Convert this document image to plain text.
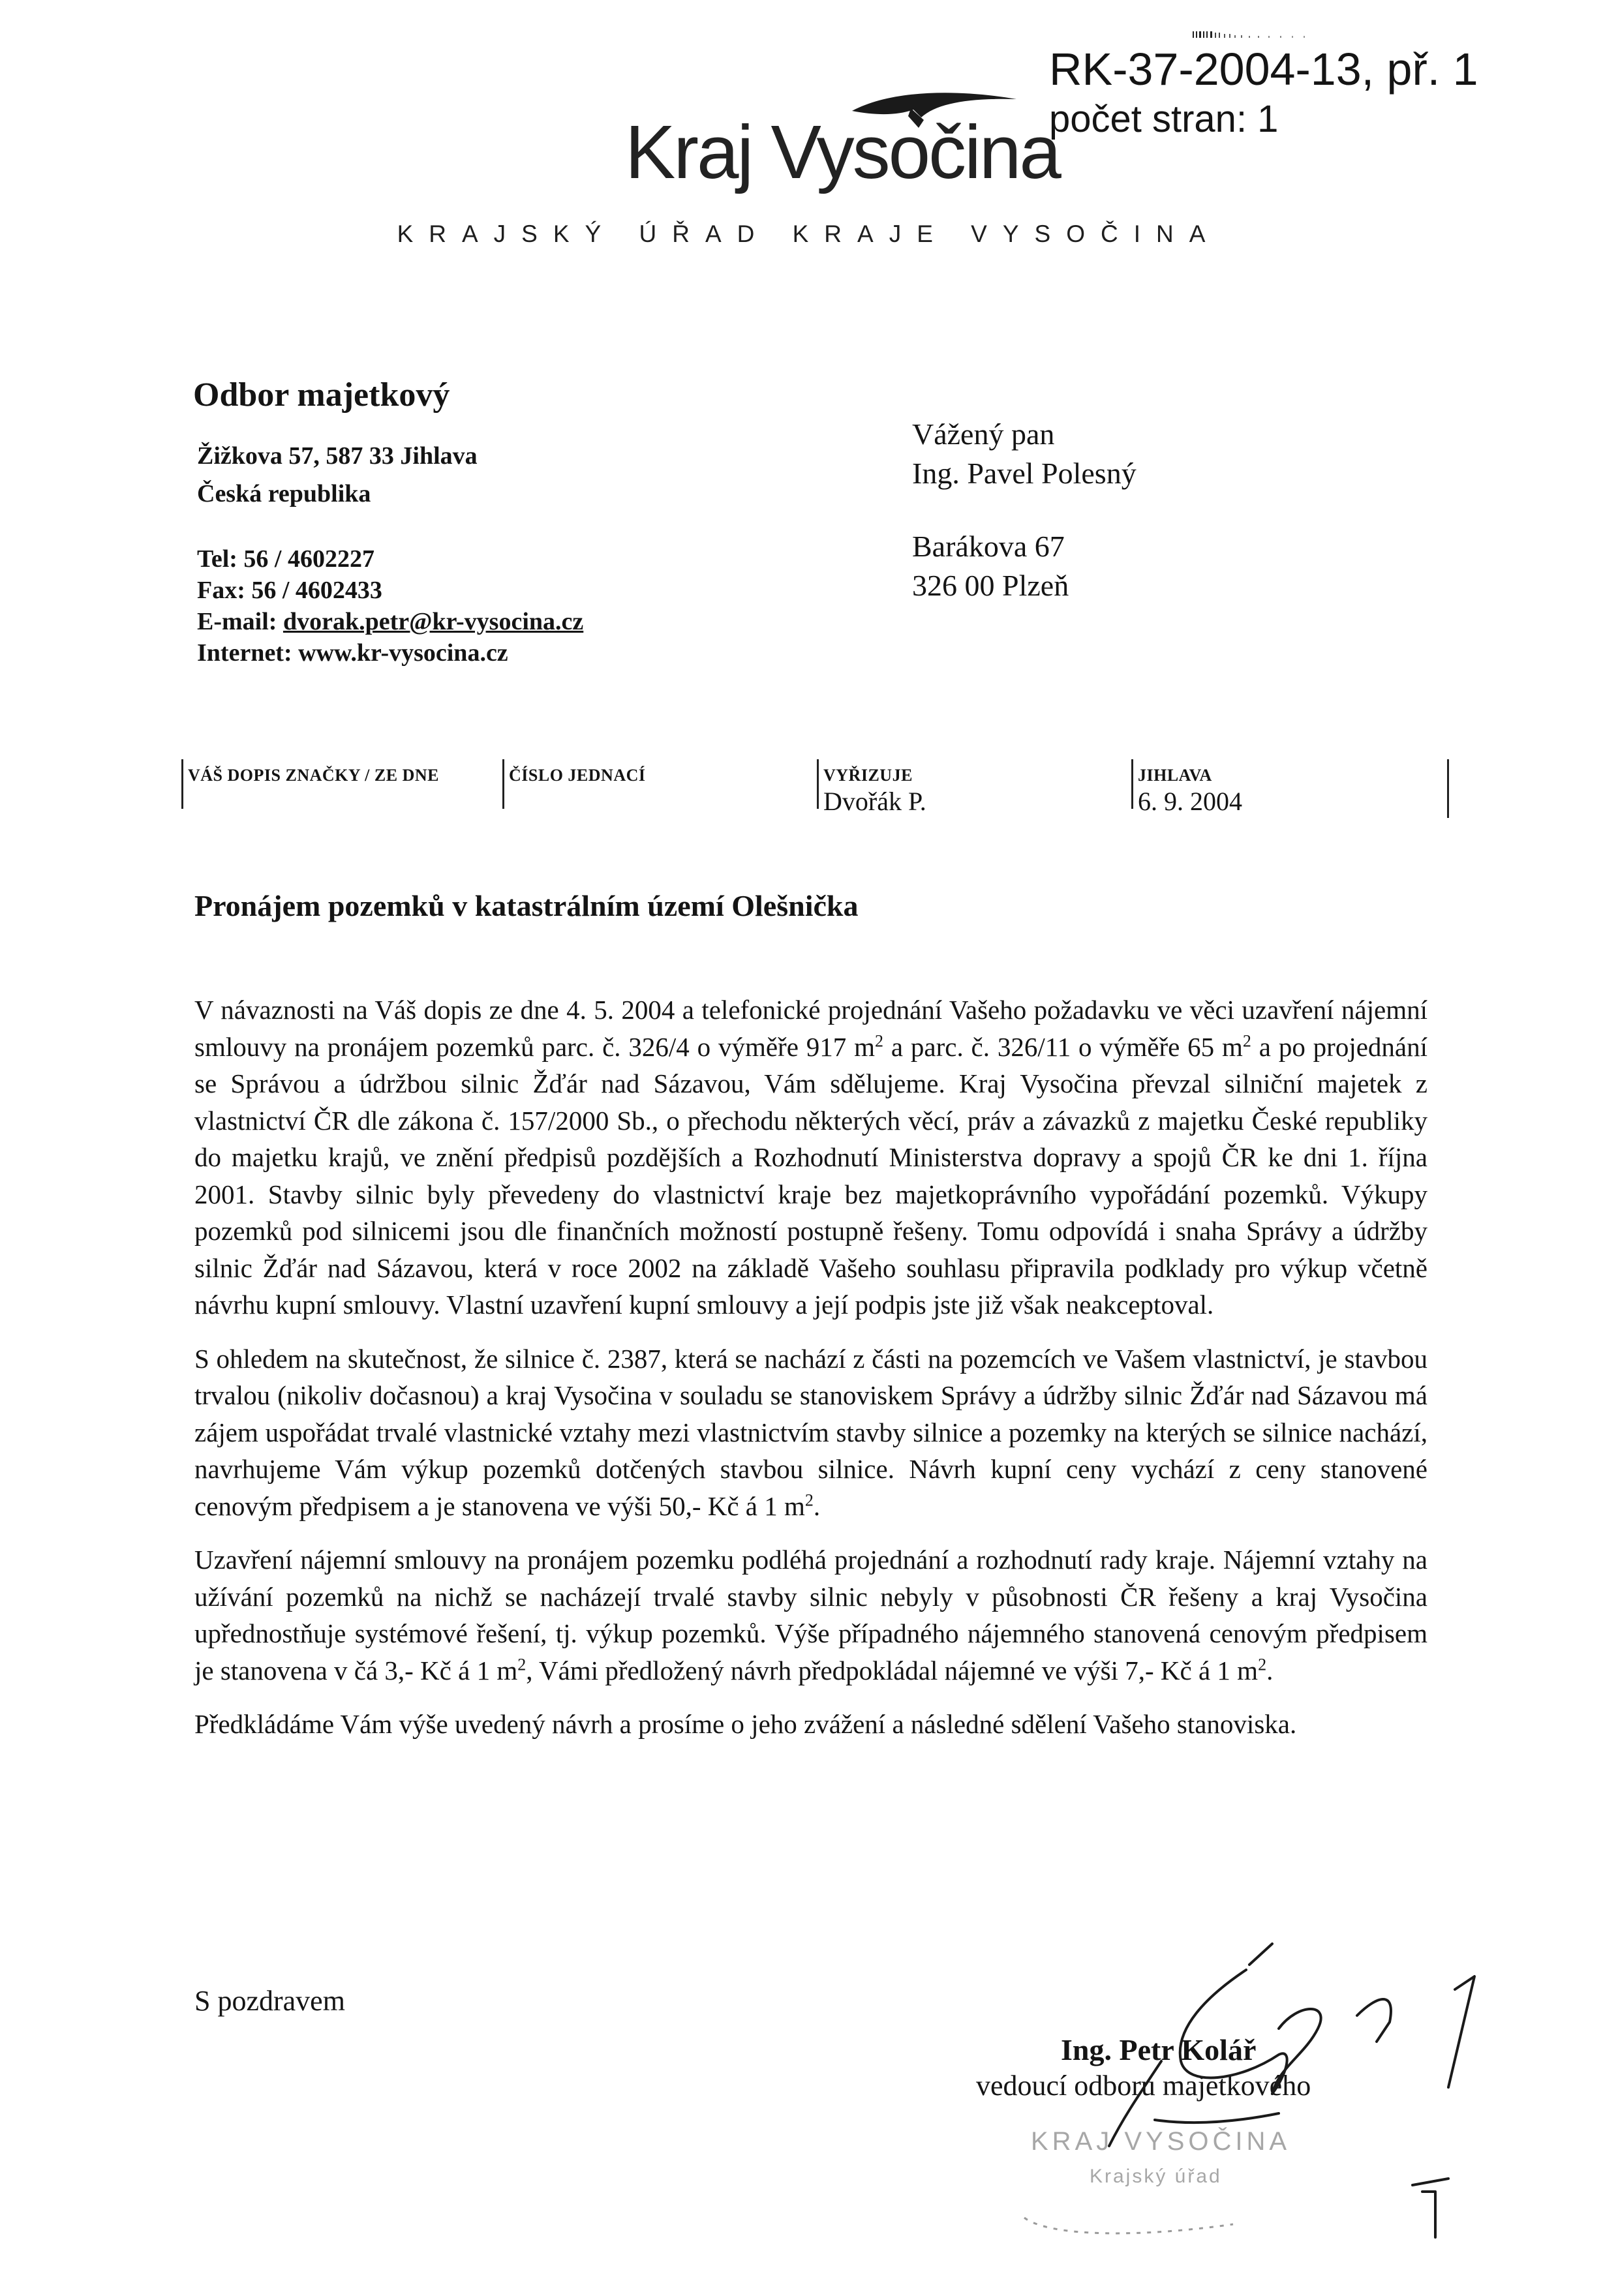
RK-37-2004-13, př. 1
počet stran: 1
Kraj Vysočina
KRAJSKÝ ÚŘAD KRAJE VYSOČINA
Odbor majetkový
Žižkova 57, 587 33 Jihlava
Česká republika
Tel: 56 / 4602227
Fax: 56 / 4602433
E-mail: dvorak.petr@kr-vysocina.cz
Internet: www.kr-vysocina.cz
Vážený pan
Ing. Pavel Polesný
Barákova 67
326 00 Plzeň
VÁŠ DOPIS ZNAČKY / ZE DNE	ČÍSLO JEDNACÍ	VYŘIZUJE
Dvořák P.
JIHLAVA
6. 9. 2004
Pronájem pozemků v katastrálním území Olešnička

V návaznosti na Váš dopis ze dne 4. 5. 2004 a telefonické projednání Vašeho požadavku ve věci uzavření nájemní smlouvy na pronájem pozemků parc. č. 326/4 o výměře 917 $m^2$ a parc. č. 326/11 o výměře 65 $m^2$ a po projednání se Správou a údržbou silnic Žďár nad Sázavou, Vám sdělujeme. Kraj Vysočina převzal silniční majetek z vlastnictví ČR dle zákona č. 157/2000 Sb., o přechodu některých věcí, práv a závazků z majetku České republiky do majetku krajů, ve znění předpisů pozdějších a Rozhodnutí Ministerstva dopravy a spojů ČR ke dni 1. října 2001. Stavby silnic byly převedeny do vlastnictví kraje bez majetkoprávního vypořádání pozemků. Výkupy pozemků pod silnicemi jsou dle finančních možností postupně řešeny. Tomu odpovídá i snaha Správy a údržby silnic Žďár nad Sázavou, která v roce 2002 na základě Vašeho souhlasu připravila podklady pro výkup včetně návrhu kupní smlouvy. Vlastní uzavření kupní smlouvy a její podpis jste již však neakceptoval.

S ohledem na skutečnost, že silnice č. 2387, která se nachází z části na pozemcích ve Vašem vlastnictví, je stavbou trvalou (nikoliv dočasnou) a kraj Vysočina v souladu se stanoviskem Správy a údržby silnic Žďár nad Sázavou má zájem uspořádat trvalé vlastnické vztahy mezi vlastnictvím stavby silnice a pozemky na kterých se silnice nachází, navrhujeme Vám výkup pozemků dotčených stavbou silnice. Návrh kupní ceny vychází z ceny stanovené cenovým předpisem a je stanovena ve výši 50,- Kč á 1 $m^2$.

Uzavření nájemní smlouvy na pronájem pozemku podléhá projednání a rozhodnutí rady kraje. Nájemní vztahy na užívání pozemků na nichž se nacházejí trvalé stavby silnic nebyly v působnosti ČR řešeny a kraj Vysočina upřednostňuje systémové řešení, tj. výkup pozemků. Výše případného nájemného stanovená cenovým předpisem je stanovena v čá 3,- Kč á 1 $m^2$, Vámi předložený návrh předpokládal nájemné ve výši 7,- Kč á 1 $m^2$.

Předkládáme Vám výše uvedený návrh a prosíme o jeho zvážení a následné sdělení Vašeho stanoviska.

S pozdravem
Ing. Petr Kolář
vedoucí odboru majetkového
KRAJ VYSOČINA
Krajský úřad
